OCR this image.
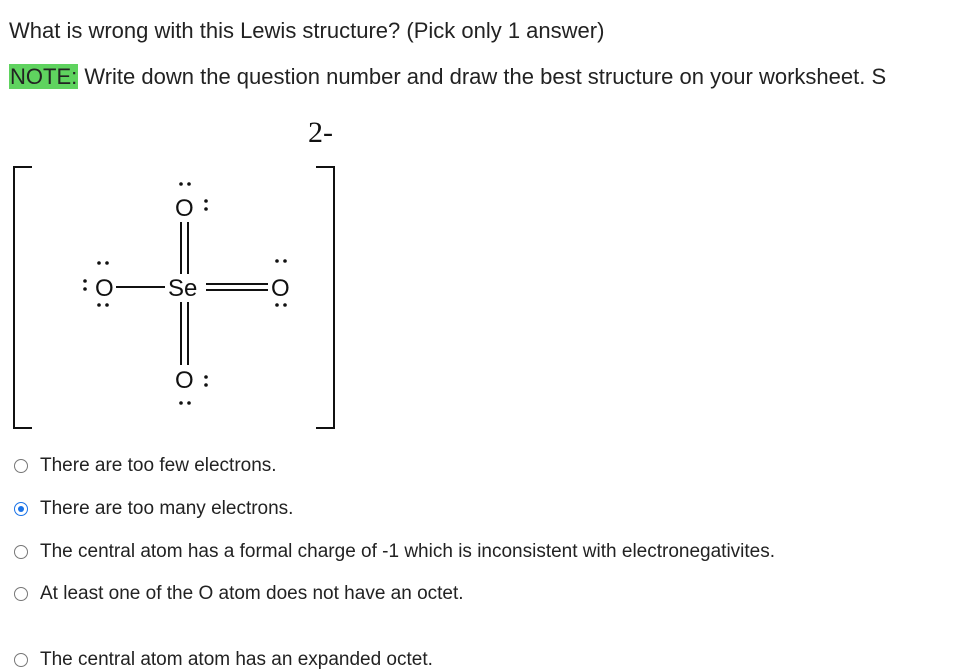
What is wrong with this Lewis structure? (Pick only 1 answer)
NOTE: Write down the question number and draw the best structure on your worksheet. S
2-
Se
O
O
O	O
There are too few electrons.
There are too many electrons.
The central atom has a formal charge of -1 which is inconsistent with electronegativites.
At least one of the O atom does not have an octet.
The central atom atom has an expanded octet.
